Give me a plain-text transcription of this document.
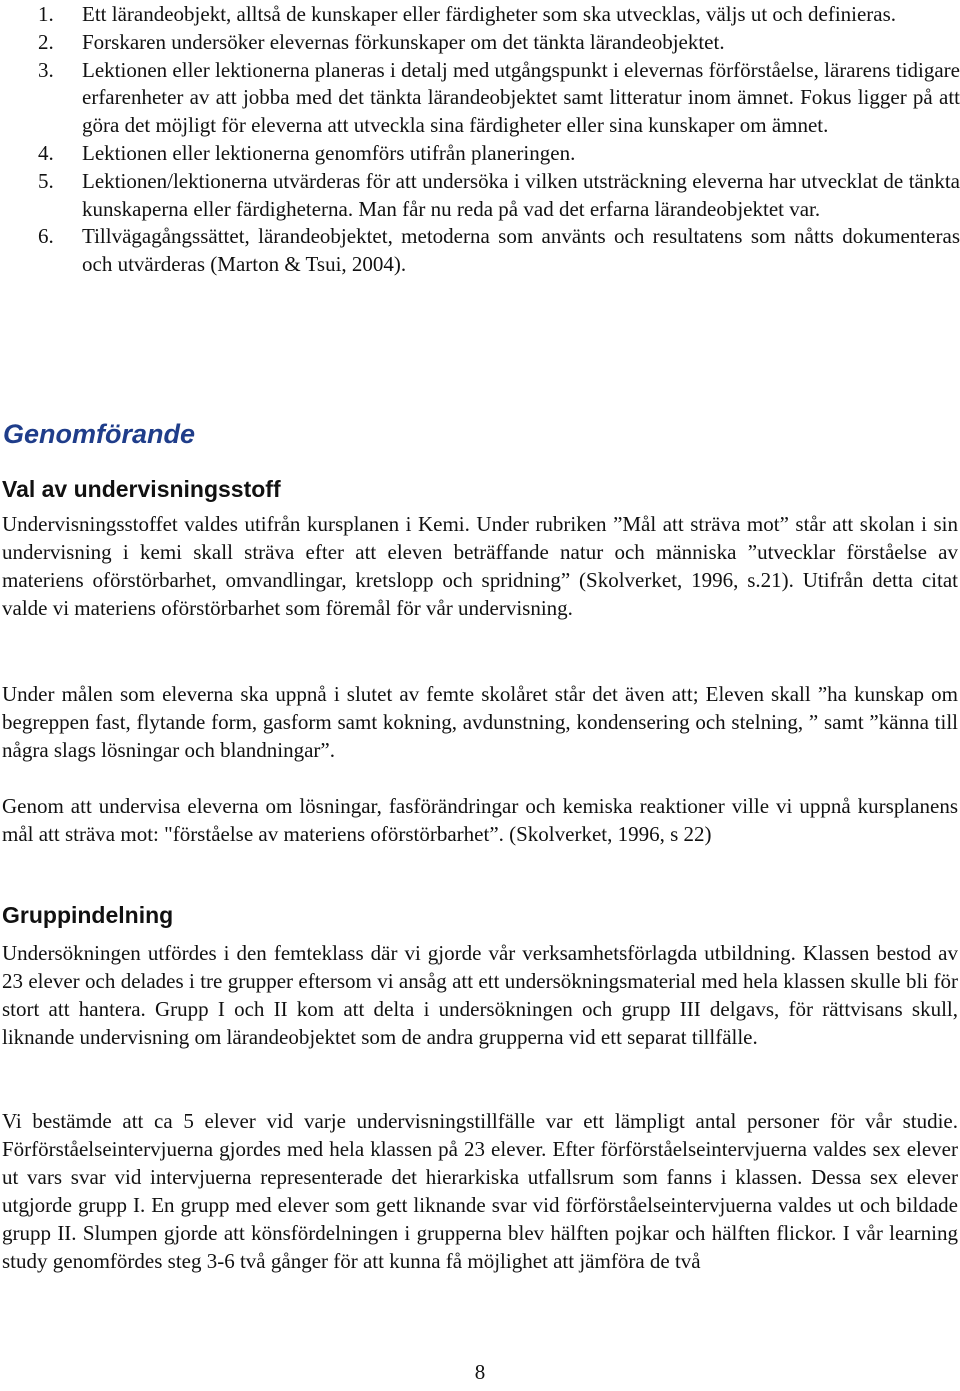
1. Ett lärandeobjekt, alltså de kunskaper eller färdigheter som ska utvecklas, väljs ut och definieras.
2. Forskaren undersöker elevernas förkunskaper om det tänkta lärandeobjektet.
3. Lektionen eller lektionerna planeras i detalj med utgångspunkt i elevernas förförståelse, lärarens tidigare erfarenheter av att jobba med det tänkta lärandeobjektet samt litteratur inom ämnet. Fokus ligger på att göra det möjligt för eleverna att utveckla sina färdigheter eller sina kunskaper om ämnet.
4. Lektionen eller lektionerna genomförs utifrån planeringen.
5. Lektionen/lektionerna utvärderas för att undersöka i vilken utsträckning eleverna har utvecklat de tänkta kunskaperna eller färdigheterna. Man får nu reda på vad det erfarna lärandeobjektet var.
6. Tillvägagångssättet, lärandeobjektet, metoderna som använts och resultatens som nåtts dokumenteras och utvärderas (Marton & Tsui, 2004).
Genomförande
Val av undervisningsstoff

Undervisningsstoffet valdes utifrån kursplanen i Kemi. Under rubriken ”Mål att sträva mot” står att skolan i sin undervisning i kemi skall sträva efter att eleven beträffande natur och människa ”utvecklar förståelse av materiens oförstörbarhet, omvandlingar, kretslopp och spridning” (Skolverket, 1996, s.21). Utifrån detta citat valde vi materiens oförstörbarhet som föremål för vår undervisning.

Under målen som eleverna ska uppnå i slutet av femte skolåret står det även att; Eleven skall ”ha kunskap om begreppen fast, flytande form, gasform samt kokning, avdunstning, kondensering och stelning, ” samt ”känna till några slags lösningar och blandningar”.

Genom att undervisa eleverna om lösningar, fasförändringar och kemiska reaktioner ville vi uppnå kursplanens mål att sträva mot: "förståelse av materiens oförstörbarhet”. (Skolverket, 1996, s 22)

Gruppindelning

Undersökningen utfördes i den femteklass där vi gjorde vår verksamhetsförlagda utbildning. Klassen bestod av 23 elever och delades i tre grupper eftersom vi ansåg att ett undersökningsmaterial med hela klassen skulle bli för stort att hantera. Grupp I och II kom att delta i undersökningen och grupp III delgavs, för rättvisans skull, liknande undervisning om lärandeobjektet som de andra grupperna vid ett separat tillfälle.

Vi bestämde att ca 5 elever vid varje undervisningstillfälle var ett lämpligt antal personer för vår studie. Förförståelseintervjuerna gjordes med hela klassen på 23 elever. Efter förförståelseintervjuerna valdes sex elever ut vars svar vid intervjuerna representerade det hierarkiska utfallsrum som fanns i klassen. Dessa sex elever utgjorde grupp I. En grupp med elever som gett liknande svar vid förförståelseintervjuerna valdes ut och bildade grupp II. Slumpen gjorde att könsfördelningen i grupperna blev hälften pojkar och hälften flickor. I vår learning study genomfördes steg 3-6 två gånger för att kunna få möjlighet att jämföra de två

8
